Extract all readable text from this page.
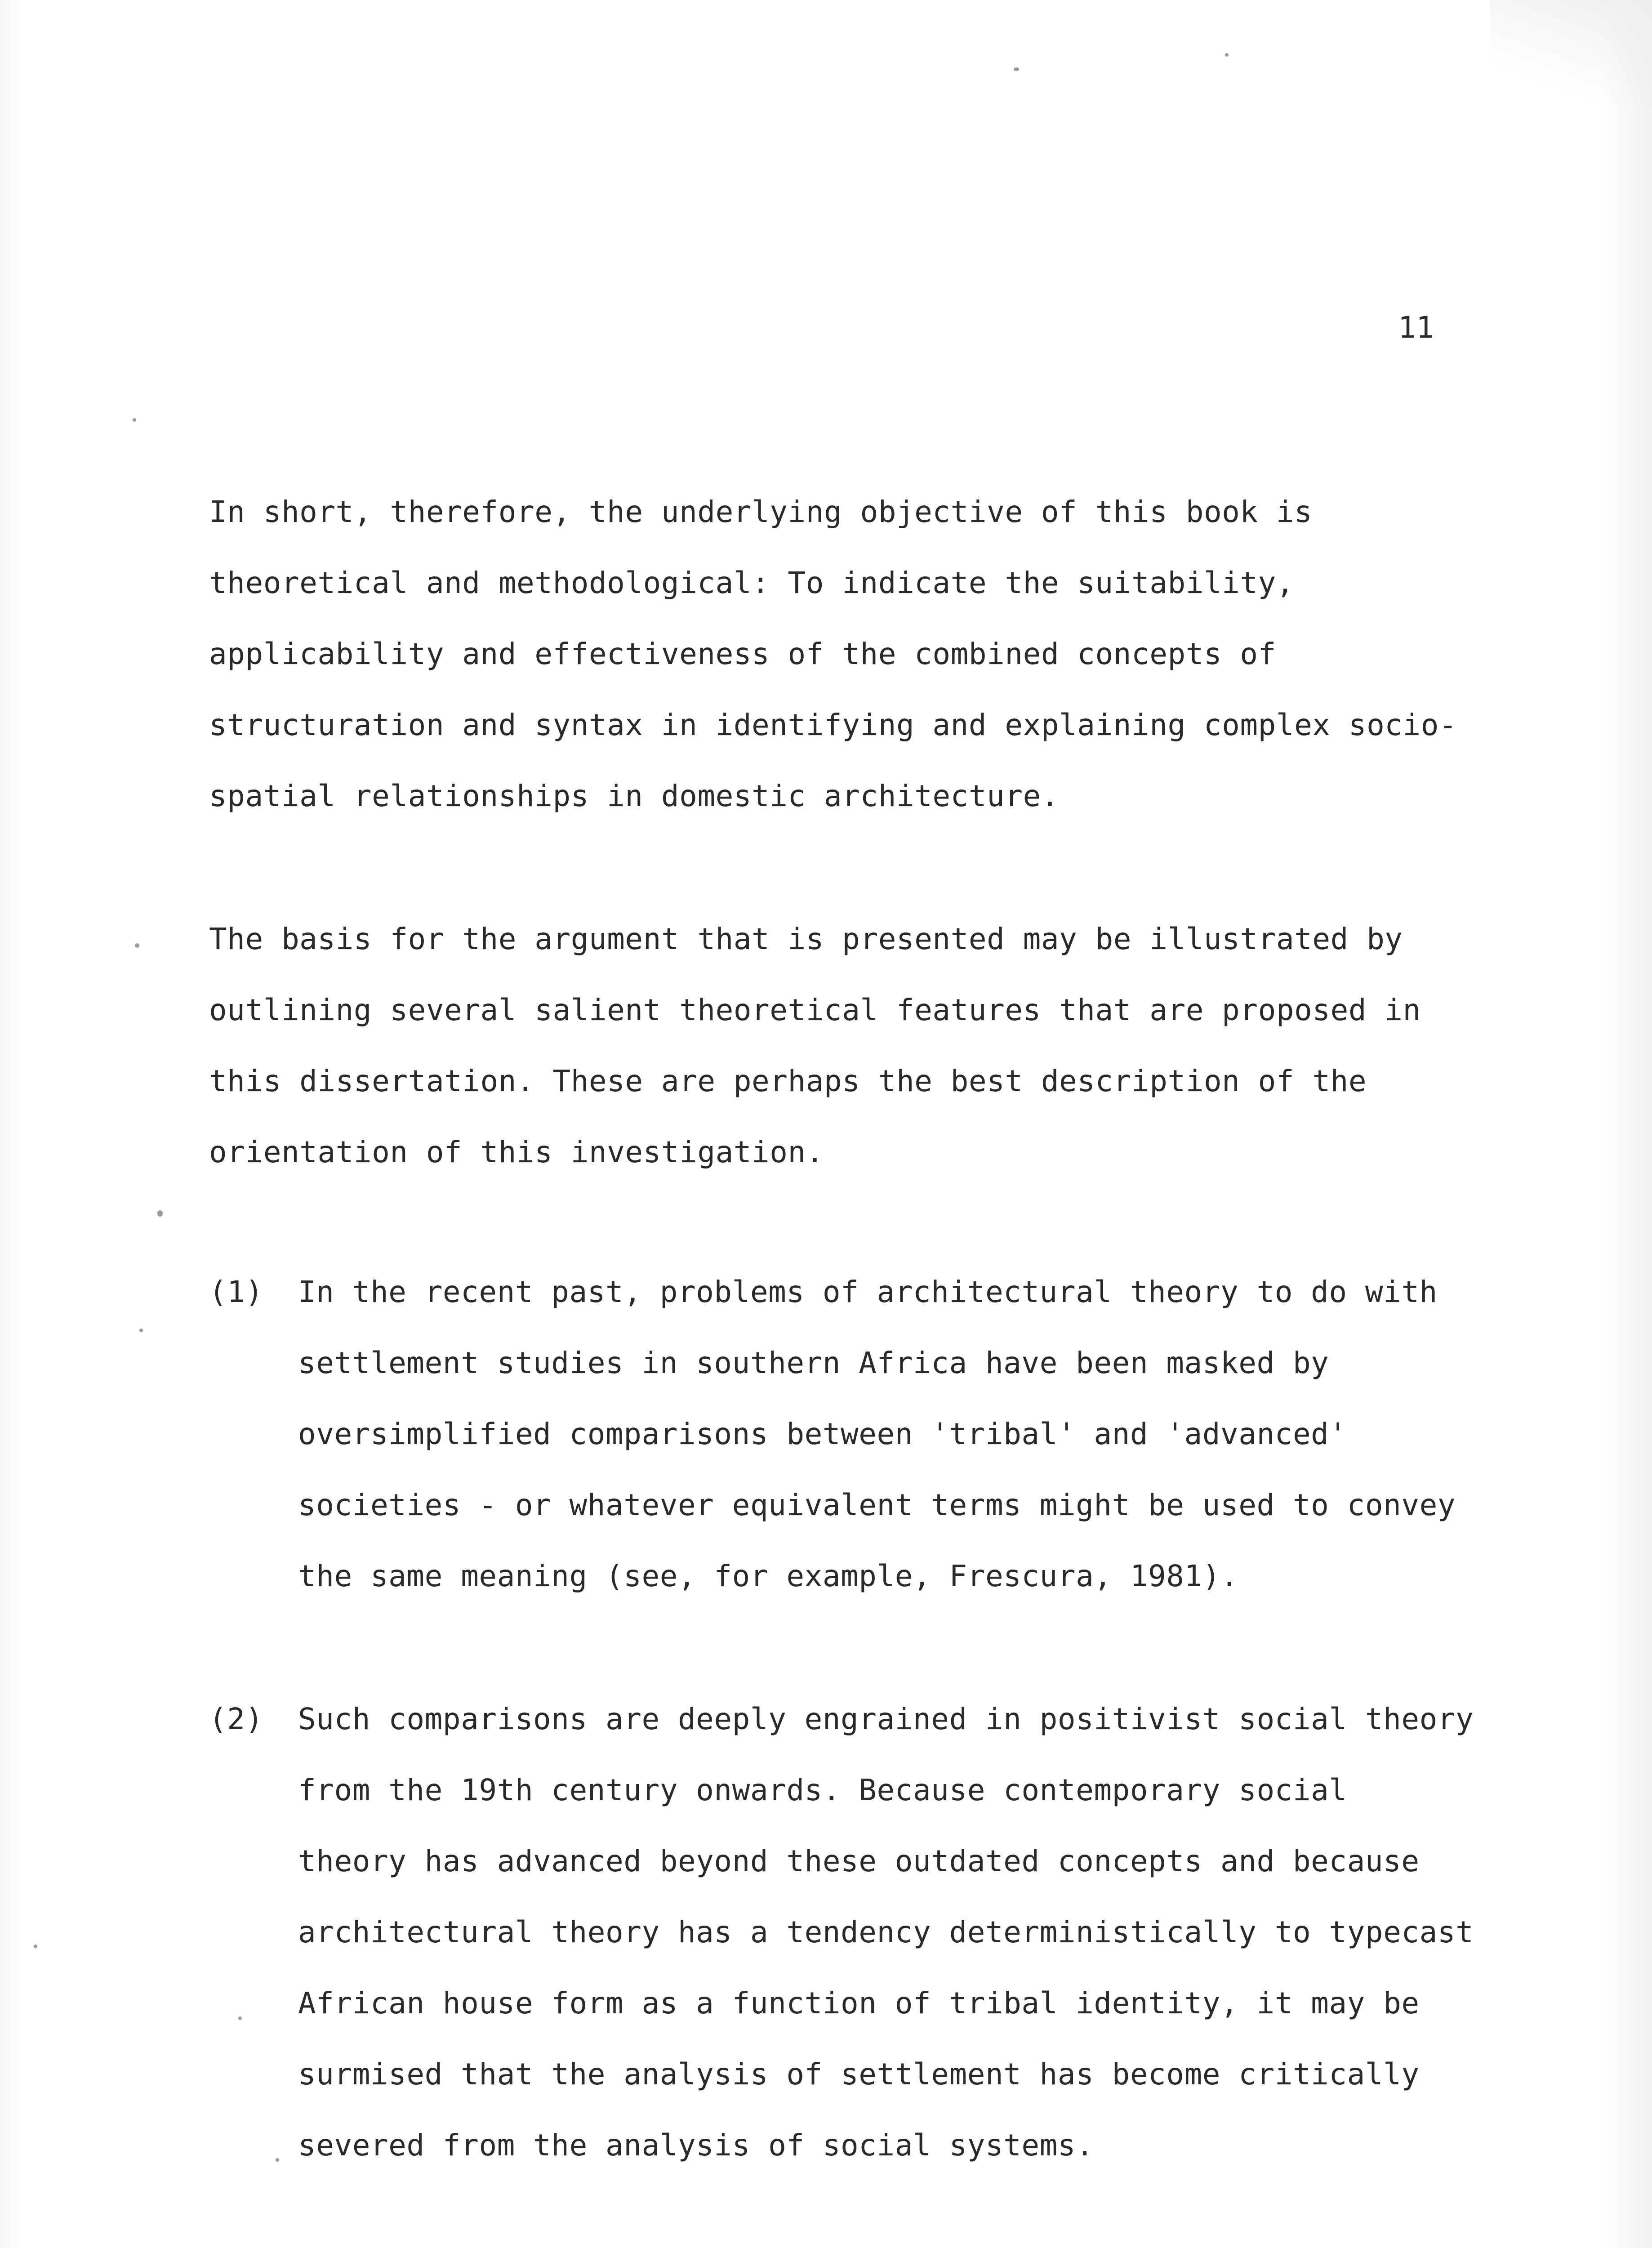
11

In short, therefore, the underlying objective of this book is
theoretical and methodological: To indicate the suitability,
applicability and effectiveness of the combined concepts of
structuration and syntax in identifying and explaining complex socio-
spatial relationships in domestic architecture.
The basis for the argument that is presented may be illustrated by
outlining several salient theoretical features that are proposed in
this dissertation. These are perhaps the best description of the
orientation of this investigation.
(1) In the recent past, problems of architectural theory to do with
settlement studies in southern Africa have been masked by
oversimplified comparisons between 'tribal' and 'advanced'
societies - or whatever equivalent terms might be used to convey
the same meaning (see, for example, Frescura, 1981).
(2) Such comparisons are deeply engrained in positivist social theory
from the 19th century onwards. Because contemporary social
theory has advanced beyond these outdated concepts and because
architectural theory has a tendency deterministically to typecast
African house form as a function of tribal identity, it may be
surmised that the analysis of settlement has become critically
severed from the analysis of social systems.
